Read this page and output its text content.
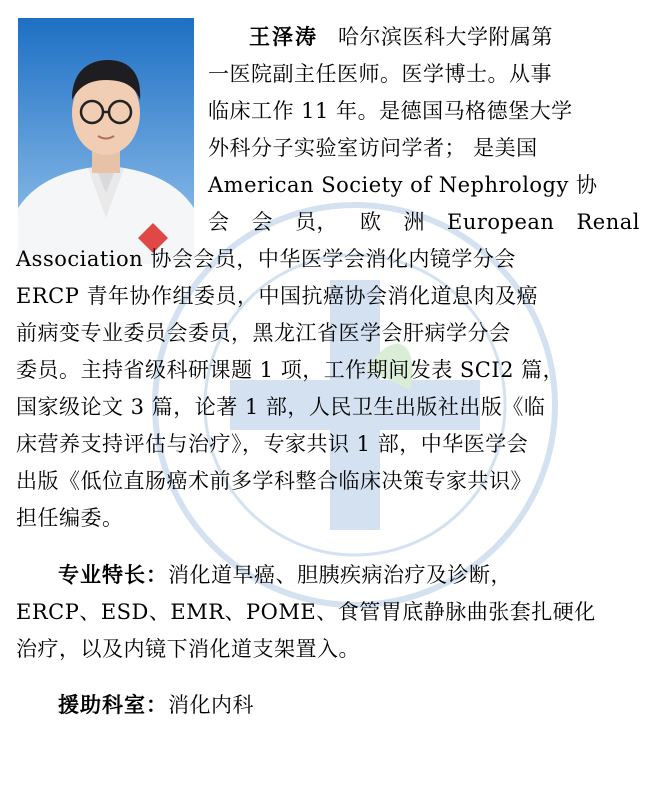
王泽涛 哈尔滨医科大学附属第
一医院副主任医师。医学博士。从事
临床工作 11 年。是德国马格德堡大学
外科分子实验室访问学者； 是美国
American Society of Nephrology 协
会 会 员， 欧 洲 European Renal
Association 协会会员，中华医学会消化内镜学分会
ERCP 青年协作组委员，中国抗癌协会消化道息肉及癌
前病变专业委员会委员，黑龙江省医学会肝病学分会
委员。主持省级科研课题 1 项，工作期间发表 SCI2 篇，
国家级论文 3 篇，论著 1 部，人民卫生出版社出版《临
床营养支持评估与治疗》，专家共识 1 部，中华医学会
出版《低位直肠癌术前多学科整合临床决策专家共识》
担任编委。
专业特长：消化道早癌、胆胰疾病治疗及诊断，
ERCP、ESD、EMR、POME、食管胃底静脉曲张套扎硬化
治疗，以及内镜下消化道支架置入。
援助科室：消化内科
